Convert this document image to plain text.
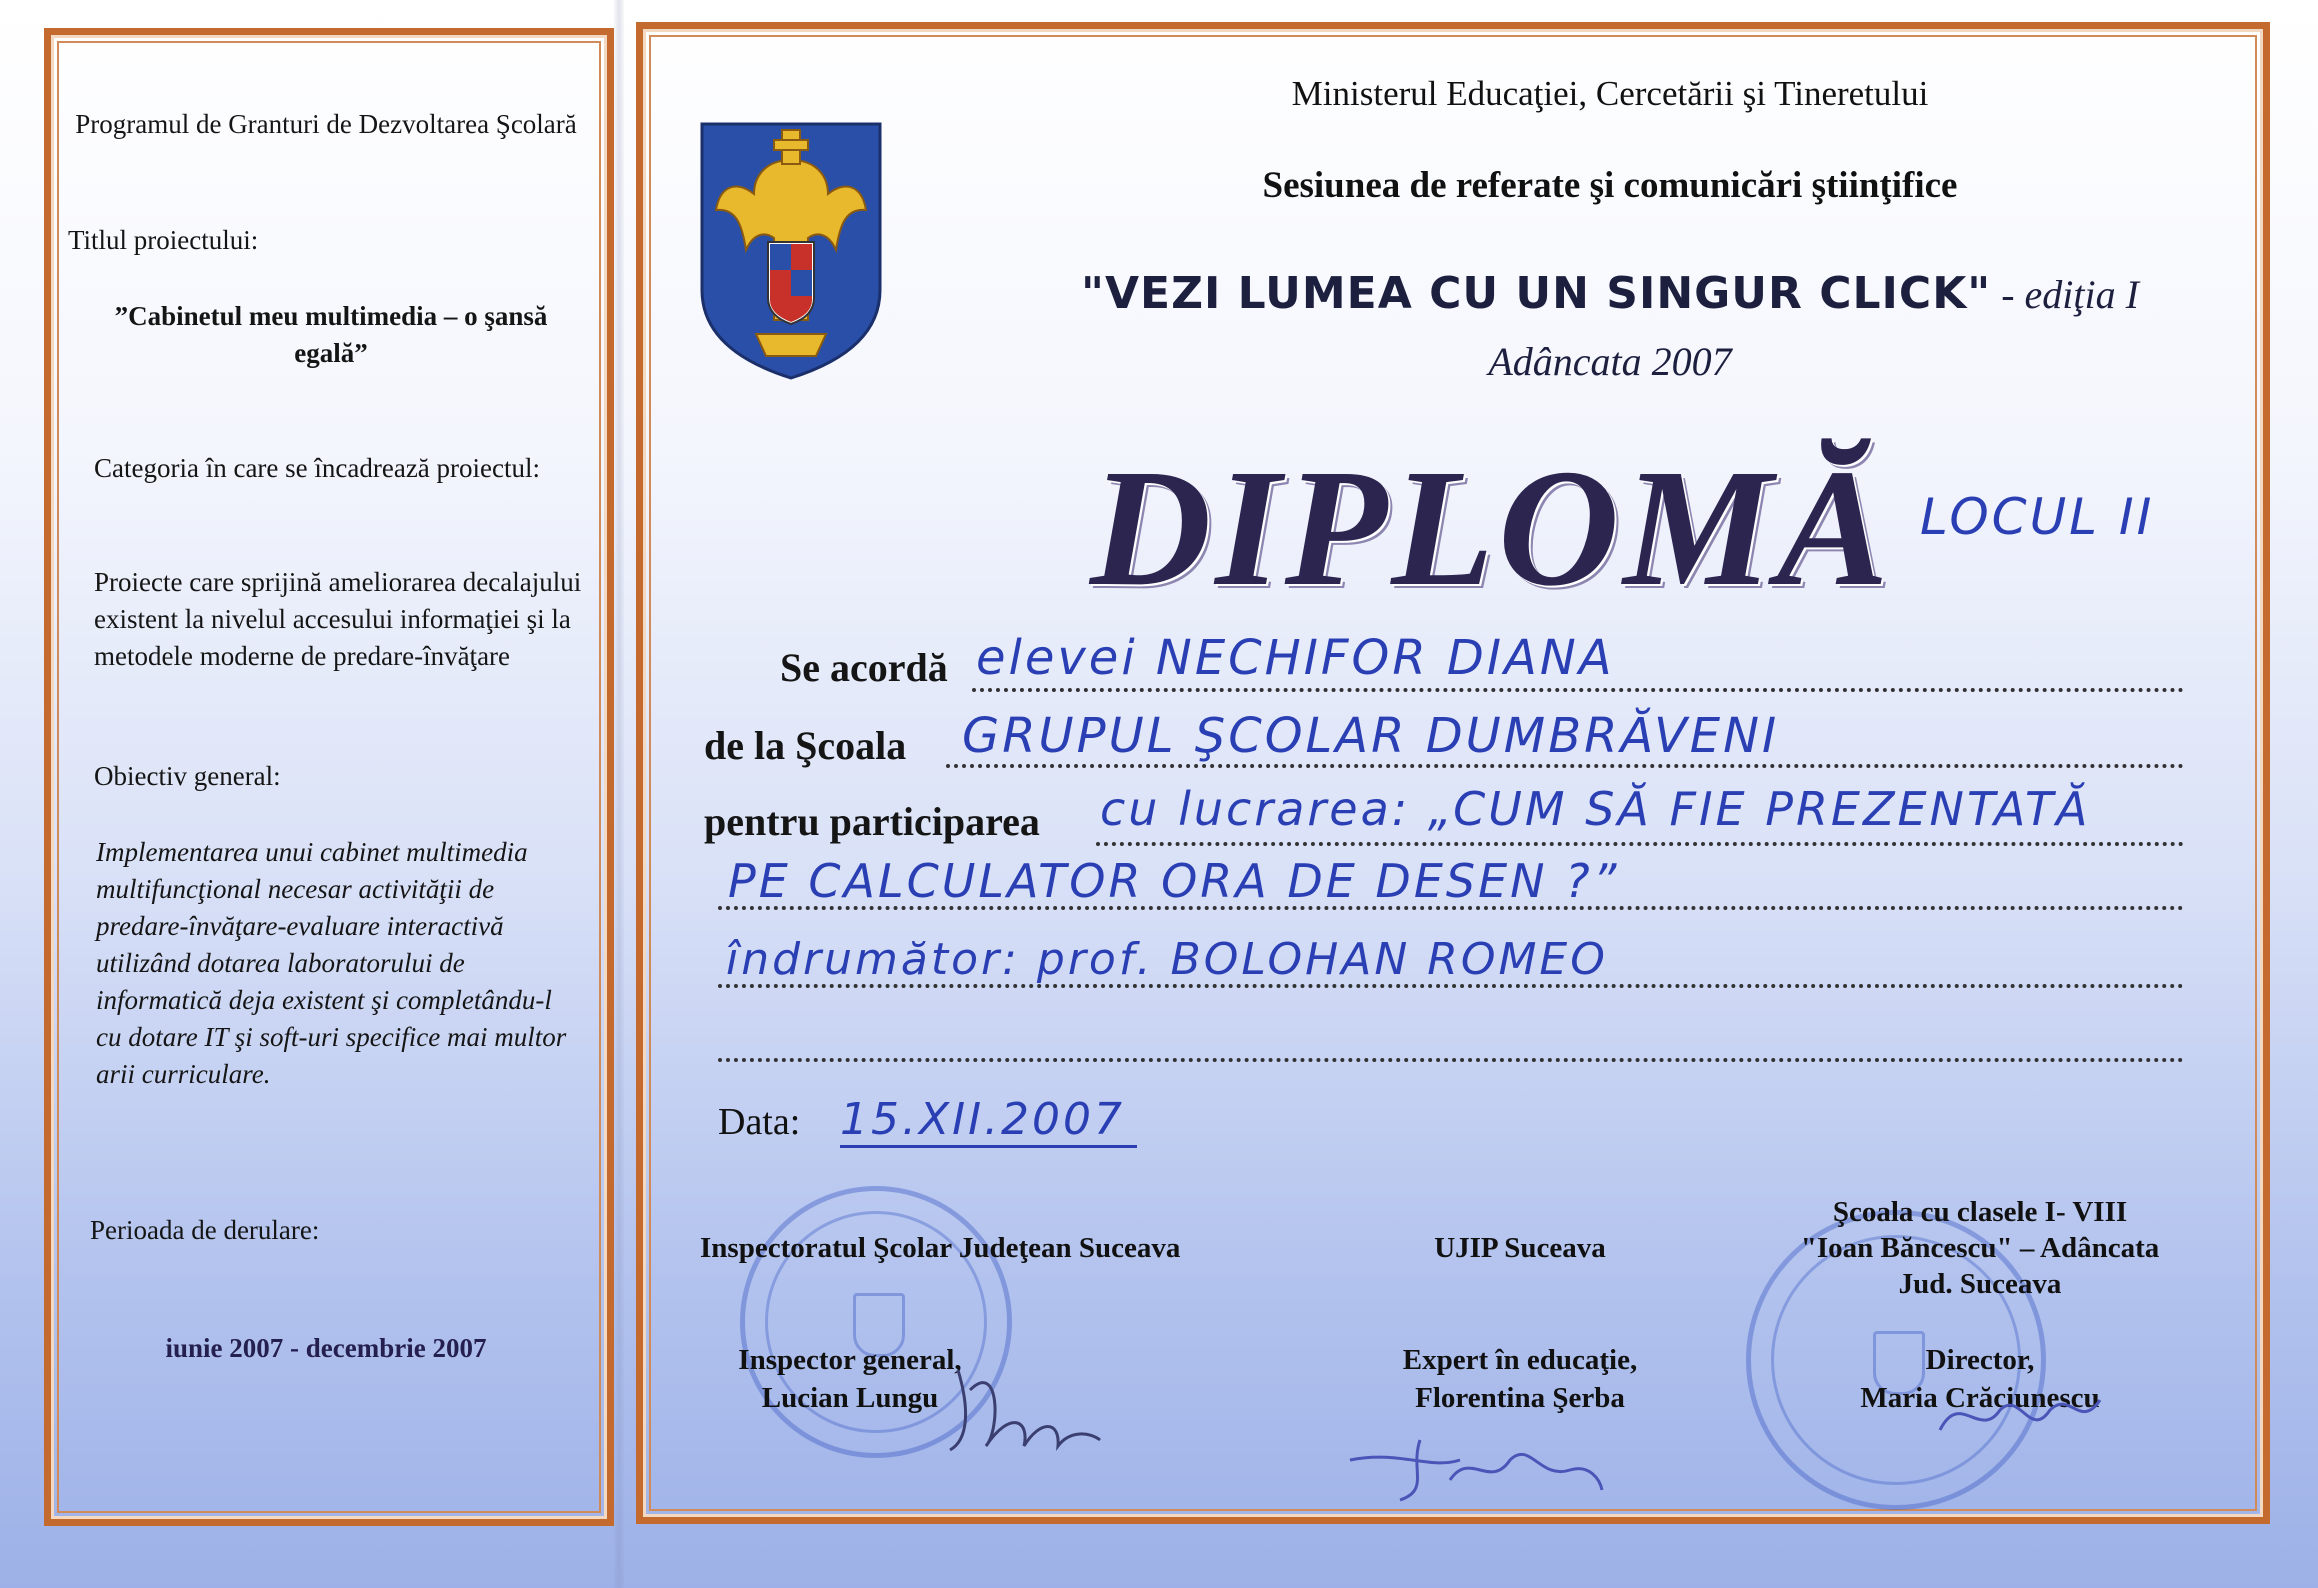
Programul de Granturi de Dezvoltarea Şcolară
Titlul proiectului:
”Cabinetul meu multimedia – o şansă egală”
Categoria în care se încadrează proiectul:
Proiecte care sprijină ameliorarea decalajului existent la nivelul accesului informaţiei şi la metodele moderne de predare-învăţare
Obiectiv general:
Implementarea unui cabinet multimedia multifuncţional necesar activităţii de predare-învăţare-evaluare interactivă utilizând dotarea laboratorului de informatică deja existent şi completându-l cu dotare IT şi soft-uri specifice mai multor arii curriculare.
Perioada de derulare:
iunie 2007 - decembrie 2007
Ministerul Educaţiei, Cercetării şi Tineretului
Sesiunea de referate şi comunicări ştiinţifice
"VEZI LUMEA CU UN SINGUR CLICK" - ediţia I
Adâncata 2007
DIPLOMĂ LOCUL II
Se acordă elevei NECHIFOR DIANA
de la Şcoala GRUPUL ŞCOLAR DUMBRĂVENI
pentru participarea cu lucrarea: „CUM SĂ FIE PREZENTATĂ
PE CALCULATOR ORA DE DESEN ?”
îndrumător: prof. BOLOHAN ROMEO
Data: 15.XII.2007
Inspectoratul Şcolar Judeţean Suceava
Inspector general,
Lucian Lungu
UJIP Suceava
Expert în educaţie,
Florentina Şerba
Şcoala cu clasele I- VIII
"Ioan Băncescu" – Adâncata
Jud. Suceava
Director,
Maria Crăciunescu
